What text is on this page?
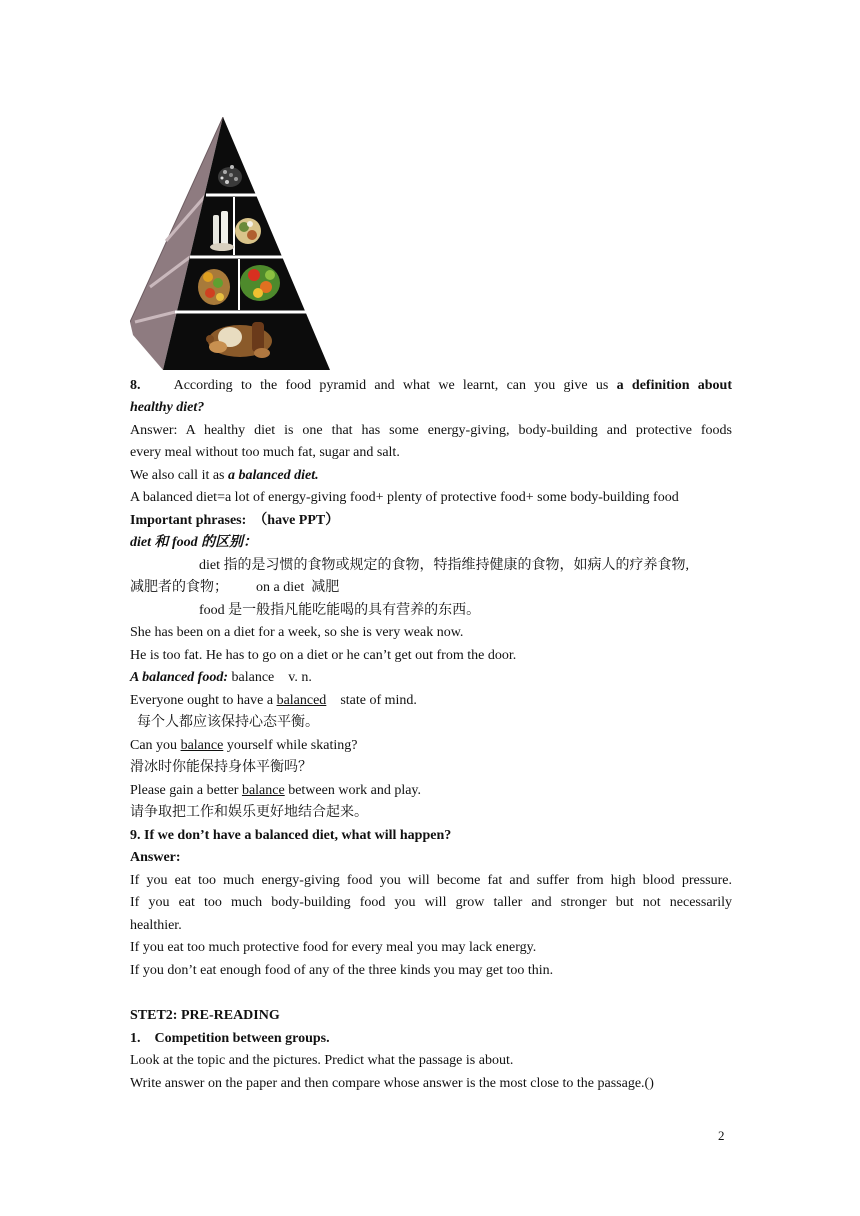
8. According to the food pyramid and what we learnt, can you give us a definition about
healthy diet?
Answer: A healthy diet is one that has some energy-giving, body-building and protective foods
every meal without too much fat, sugar and salt.
We also call it as a balanced diet.
A balanced diet=a lot of energy-giving food+ plenty of protective food+ some body-building food
Important phrases: （have PPT）
diet 和 food 的区别：
diet 指的是习惯的食物或规定的食物，特指维持健康的食物，如病人的疗养食物,
减肥者的食物；        on a diet  减肥
food 是一般指凡能吃能喝的具有营养的东西。
She has been on a diet for a week, so she is very weak now.
He is too fat. He has to go on a diet or he can’t get out from the door.
A balanced food: balance    v. n.
Everyone ought to have a balanced    state of mind.
每个人都应该保持心态平衡。
Can you balance yourself while skating?
滑冰时你能保持身体平衡吗？
Please gain a better balance between work and play.
请争取把工作和娱乐更好地结合起来。
9. If we don’t have a balanced diet, what will happen?
Answer:
If you eat too much energy-giving food you will become fat and suffer from high blood pressure.
If you eat too much body-building food you will grow taller and stronger but not necessarily
healthier.
If you eat too much protective food for every meal you may lack energy.
If you don’t eat enough food of any of the three kinds you may get too thin.
STET2: PRE-READING
1.    Competition between groups.
Look at the topic and the pictures. Predict what the passage is about.
Write answer on the paper and then compare whose answer is the most close to the passage.()
2
